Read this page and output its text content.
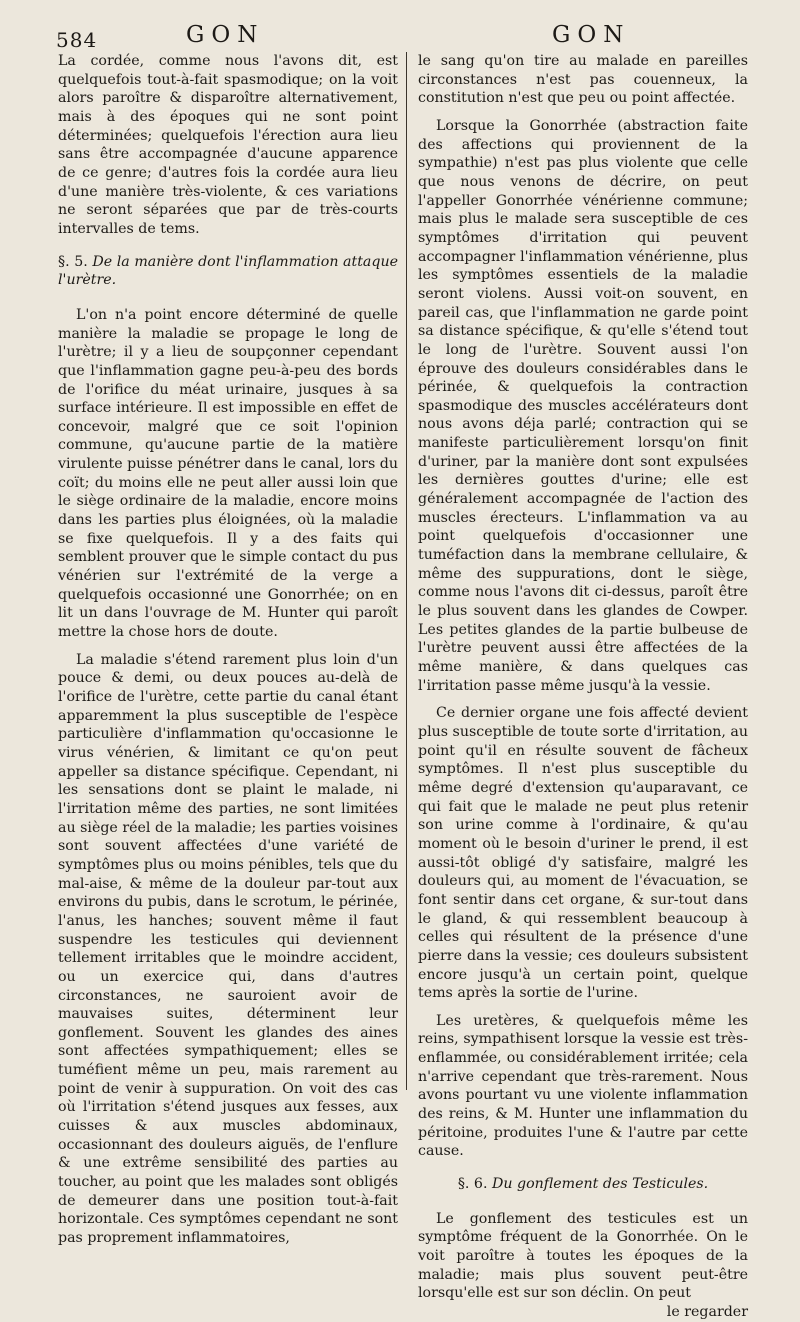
584	GON	GON

La cordée, comme nous l'avons dit, est quelquefois tout-à-fait spasmodique; on la voit alors paroître & disparoître alternativement, mais à des époques qui ne sont point déterminées; quelquefois l'érection aura lieu sans être accompagnée d'aucune apparence de ce genre; d'autres fois la cordée aura lieu d'une manière très-violente, & ces variations ne seront séparées que par de très-courts intervalles de tems.

§. 5. De la manière dont l'inflammation attaque l'urètre.

L'on n'a point encore déterminé de quelle manière la maladie se propage le long de l'urètre; il y a lieu de soupçonner cependant que l'inflammation gagne peu-à-peu des bords de l'orifice du méat urinaire, jusques à sa surface intérieure. Il est impossible en effet de concevoir, malgré que ce soit l'opinion commune, qu'aucune partie de la matière virulente puisse pénétrer dans le canal, lors du coït; du moins elle ne peut aller aussi loin que le siège ordinaire de la maladie, encore moins dans les parties plus éloignées, où la maladie se fixe quelquefois. Il y a des faits qui semblent prouver que le simple contact du pus vénérien sur l'extrémité de la verge a quelquefois occasionné une Gonorrhée; on en lit un dans l'ouvrage de M. Hunter qui paroît mettre la chose hors de doute.

La maladie s'étend rarement plus loin d'un pouce & demi, ou deux pouces au-delà de l'orifice de l'urètre, cette partie du canal étant apparemment la plus susceptible de l'espèce particulière d'inflammation qu'occasionne le virus vénérien, & limitant ce qu'on peut appeller sa distance spécifique. Cependant, ni les sensations dont se plaint le malade, ni l'irritation même des parties, ne sont limitées au siège réel de la maladie; les parties voisines sont souvent affectées d'une variété de symptômes plus ou moins pénibles, tels que du mal-aise, & même de la douleur par-tout aux environs du pubis, dans le scrotum, le périnée, l'anus, les hanches; souvent même il faut suspendre les testicules qui deviennent tellement irritables que le moindre accident, ou un exercice qui, dans d'autres circonstances, ne sauroient avoir de mauvaises suites, déterminent leur gonflement. Souvent les glandes des aines sont affectées sympathiquement; elles se tuméfient même un peu, mais rarement au point de venir à suppuration. On voit des cas où l'irritation s'étend jusques aux fesses, aux cuisses & aux muscles abdominaux, occasionnant des douleurs aiguës, de l'enflure & une extrême sensibilité des parties au toucher, au point que les malades sont obligés de demeurer dans une position tout-à-fait horizontale. Ces symptômes cependant ne sont pas proprement inflammatoires,

le sang qu'on tire au malade en pareilles circonstances n'est pas couenneux, la constitution n'est que peu ou point affectée.

Lorsque la Gonorrhée (abstraction faite des affections qui proviennent de la sympathie) n'est pas plus violente que celle que nous venons de décrire, on peut l'appeller Gonorrhée vénérienne commune; mais plus le malade sera susceptible de ces symptômes d'irritation qui peuvent accompagner l'inflammation vénérienne, plus les symptômes essentiels de la maladie seront violens. Aussi voit-on souvent, en pareil cas, que l'inflammation ne garde point sa distance spécifique, & qu'elle s'étend tout le long de l'urètre. Souvent aussi l'on éprouve des douleurs considérables dans le périnée, & quelquefois la contraction spasmodique des muscles accélérateurs dont nous avons déja parlé; contraction qui se manifeste particulièrement lorsqu'on finit d'uriner, par la manière dont sont expulsées les dernières gouttes d'urine; elle est généralement accompagnée de l'action des muscles érecteurs. L'inflammation va au point quelquefois d'occasionner une tuméfaction dans la membrane cellulaire, & même des suppurations, dont le siège, comme nous l'avons dit ci-dessus, paroît être le plus souvent dans les glandes de Cowper. Les petites glandes de la partie bulbeuse de l'urètre peuvent aussi être affectées de la même manière, & dans quelques cas l'irritation passe même jusqu'à la vessie.

Ce dernier organe une fois affecté devient plus susceptible de toute sorte d'irritation, au point qu'il en résulte souvent de fâcheux symptômes. Il n'est plus susceptible du même degré d'extension qu'auparavant, ce qui fait que le malade ne peut plus retenir son urine comme à l'ordinaire, & qu'au moment où le besoin d'uriner le prend, il est aussi-tôt obligé d'y satisfaire, malgré les douleurs qui, au moment de l'évacuation, se font sentir dans cet organe, & sur-tout dans le gland, & qui ressemblent beaucoup à celles qui résultent de la présence d'une pierre dans la vessie; ces douleurs subsistent encore jusqu'à un certain point, quelque tems après la sortie de l'urine.

Les uretères, & quelquefois même les reins, sympathisent lorsque la vessie est très-enflammée, ou considérablement irritée; cela n'arrive cependant que très-rarement. Nous avons pourtant vu une violente inflammation des reins, & M. Hunter une inflammation du péritoine, produites l'une & l'autre par cette cause.

§. 6. Du gonflement des Testicules.

Le gonflement des testicules est un symptôme fréquent de la Gonorrhée. On le voit paroître à toutes les époques de la maladie; mais plus souvent peut-être lorsqu'elle est sur son déclin. On peut

le regarder
